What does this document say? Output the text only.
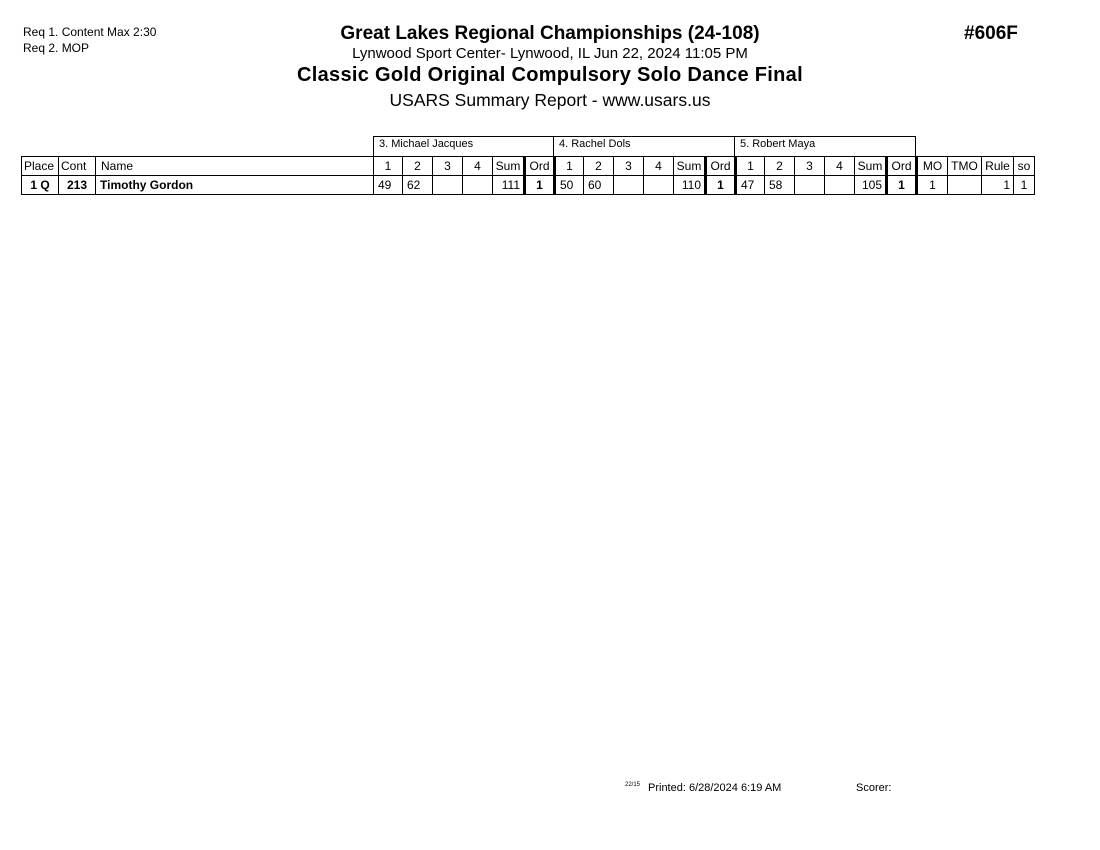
Req 1. Content Max 2:30
Req 2. MOP
Great Lakes Regional Championships (24-108)
Lynwood Sport Center- Lynwood, IL Jun 22, 2024 11:05 PM
Classic Gold Original Compulsory Solo Dance Final
USARS Summary Report - www.usars.us
#606F
3. Michael Jacques	4. Rachel Dols	5. Robert Maya
Place	Cont	Name	1	2	3	4	Sum	Ord	1	2	3	4	Sum	Ord	1	2	3	4	Sum	Ord	MO	TMO	Rule	so
1 Q	213	Timothy Gordon	49	62			111	1	50	60			110	1	47	58			105	1	1		1	1
22/15 Printed: 6/28/2024 6:19 AM	Scorer:
